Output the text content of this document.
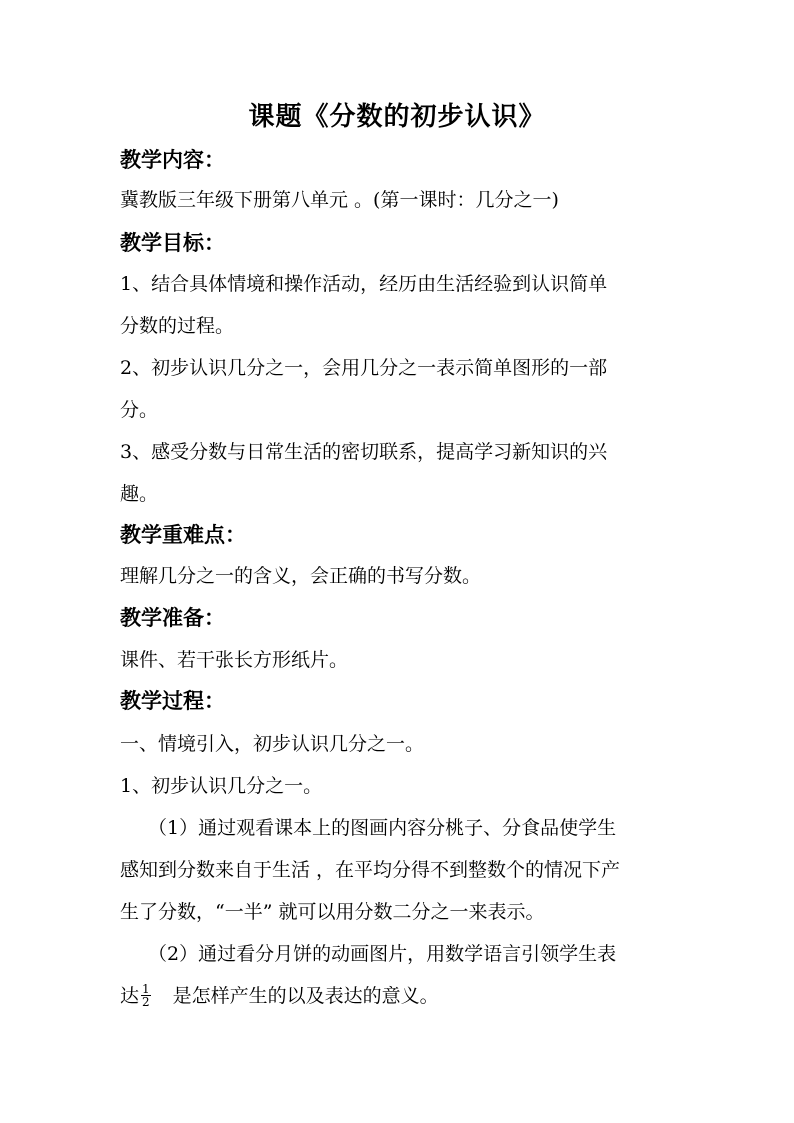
课题《分数的初步认识》
教学内容：
冀教版三年级下册第八单元 。(第一课时：几分之一)
教学目标：
1、结合具体情境和操作活动，经历由生活经验到认识简单
分数的过程。
2、初步认识几分之一，会用几分之一表示简单图形的一部
分。
3、感受分数与日常生活的密切联系，提高学习新知识的兴
趣。
教学重难点：
理解几分之一的含义，会正确的书写分数。
教学准备：
课件、若干张长方形纸片。
教学过程：
一、情境引入，初步认识几分之一。
1、初步认识几分之一。
（1）通过观看课本上的图画内容分桃子、分食品使学生
感知到分数来自于生活 ，在平均分得不到整数个的情况下产
生了分数，“一半” 就可以用分数二分之一来表示。
（2）通过看分月饼的动画图片，用数学语言引领学生表
达 $\frac{1}{2}$ 是怎样产生的以及表达的意义。
